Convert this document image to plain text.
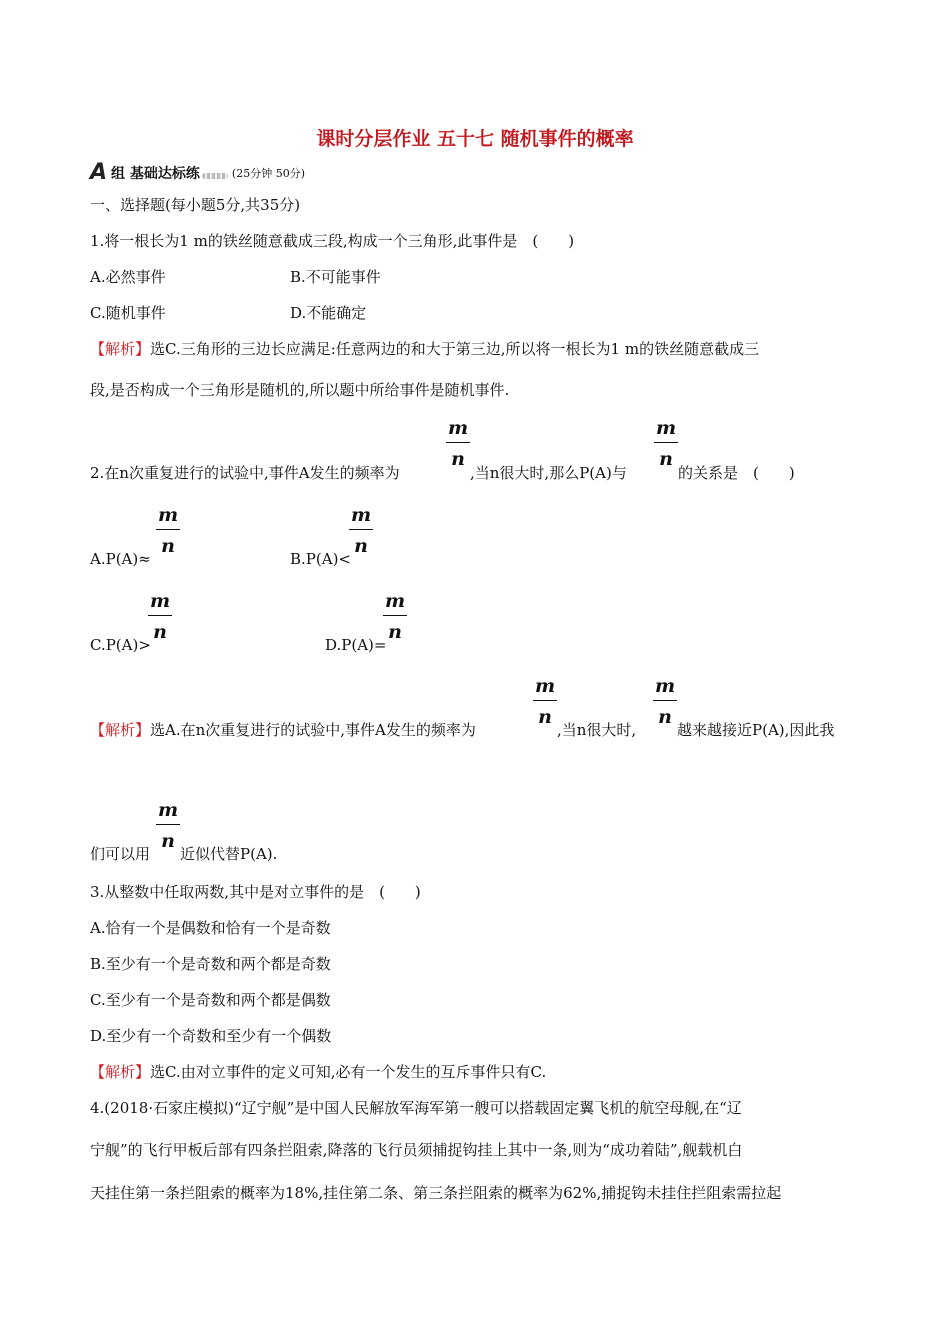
课时分层作业 五十七 随机事件的概率
A 组 基础达标练	(25分钟 50分)
一、选择题(每小题5分,共35分)
1.将一根长为1 m的铁丝随意截成三段,构成一个三角形,此事件是　(　　)
A.必然事件	B.不可能事件
C.随机事件	D.不能确定
【解析】选C.三角形的三边长应满足:任意两边的和大于第三边,所以将一根长为1 m的铁丝随意截成三
段,是否构成一个三角形是随机的,所以题中所给事件是随机事件.
2.在n次重复进行的试验中,事件A发生的频率为
m
n
,当n很大时,那么P(A)与
m
n
的关系是　(　　)
A.P(A)≈
m
n
B.P(A)<
m
n
C.P(A)>
m
n
D.P(A)=
m
n
【解析】选A.在n次重复进行的试验中,事件A发生的频率为
m
n
,当n很大时,
m
n
越来越接近P(A),因此我
们可以用
m
n
近似代替P(A).
3.从整数中任取两数,其中是对立事件的是　(　　)
A.恰有一个是偶数和恰有一个是奇数
B.至少有一个是奇数和两个都是奇数
C.至少有一个是奇数和两个都是偶数
D.至少有一个奇数和至少有一个偶数
【解析】选C.由对立事件的定义可知,必有一个发生的互斥事件只有C.
4.(2018·石家庄模拟)“辽宁舰”是中国人民解放军海军第一艘可以搭载固定翼飞机的航空母舰,在“辽
宁舰”的飞行甲板后部有四条拦阻索,降落的飞行员须捕捉钩挂上其中一条,则为“成功着陆”,舰载机白
天挂住第一条拦阻索的概率为18%,挂住第二条、第三条拦阻索的概率为62%,捕捉钩未挂住拦阻索需拉起
